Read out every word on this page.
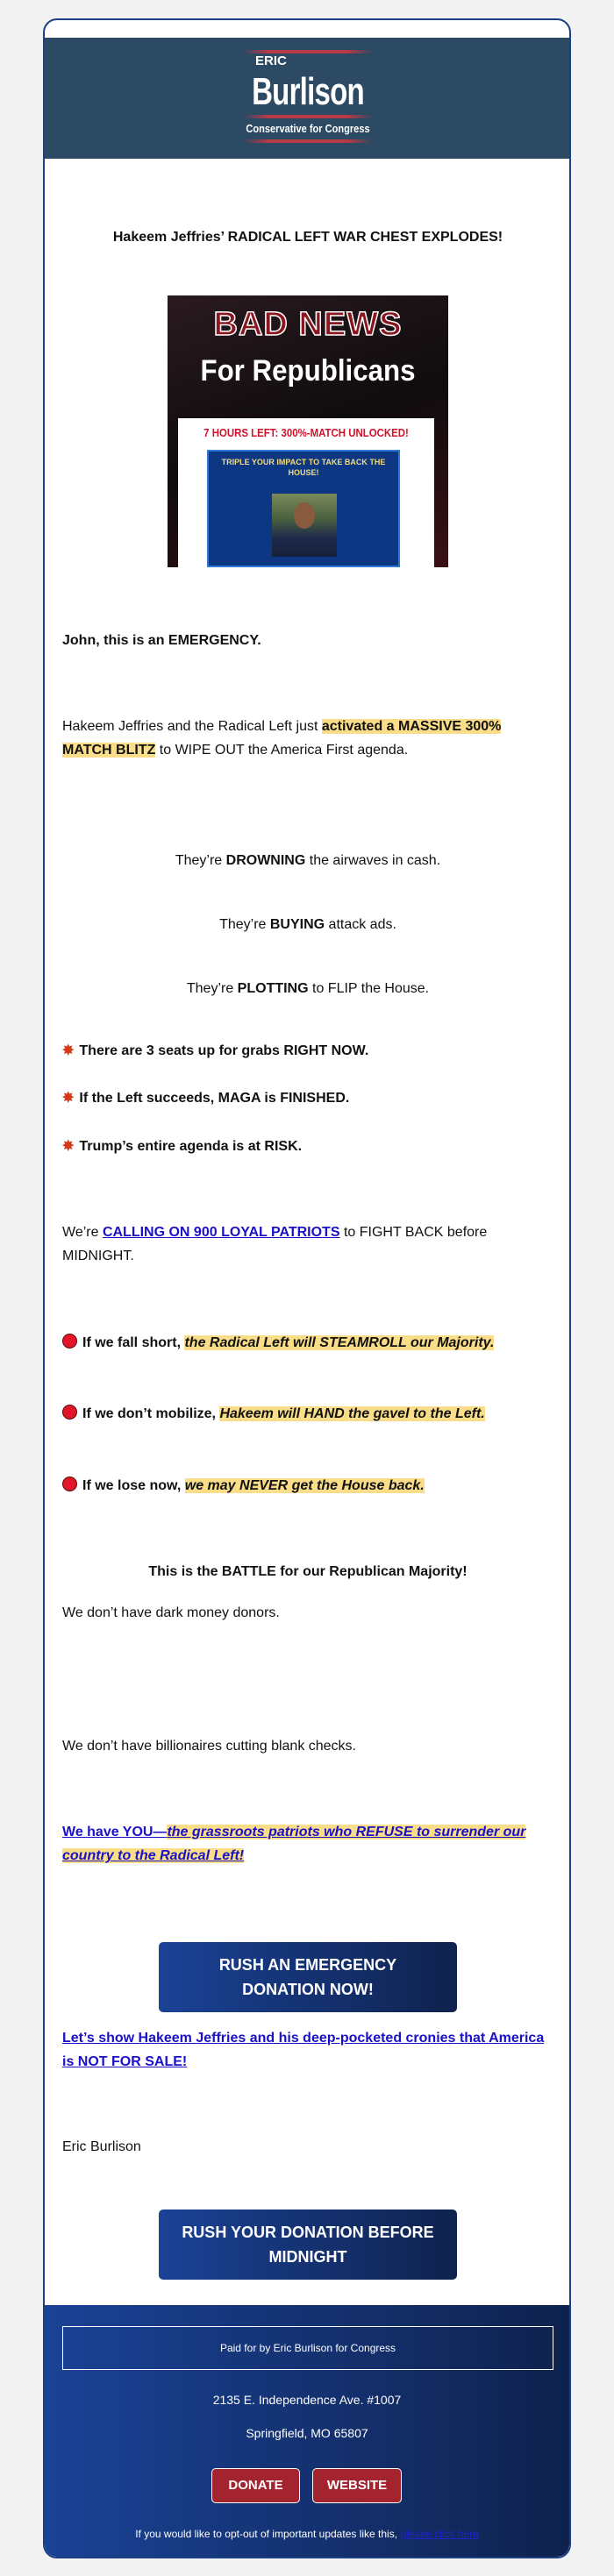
ERIC
Burlison
Conservative for Congress
Hakeem Jeffries’ RADICAL LEFT WAR CHEST EXPLODES!
BAD NEWS
For Republicans
7 HOURS LEFT: 300%-MATCH UNLOCKED!
TRIPLE YOUR IMPACT TO TAKE BACK THE HOUSE!
John, this is an EMERGENCY.
Hakeem Jeffries and the Radical Left just activated a MASSIVE 300% MATCH BLITZ to WIPE OUT the America First agenda.
They’re DROWNING the airwaves in cash.
They’re BUYING attack ads.
They’re PLOTTING to FLIP the House.
✸ There are 3 seats up for grabs RIGHT NOW.
✸ If the Left succeeds, MAGA is FINISHED.
✸ Trump’s entire agenda is at RISK.
We’re CALLING ON 900 LOYAL PATRIOTS to FIGHT BACK before MIDNIGHT.
If we fall short, the Radical Left will STEAMROLL our Majority.
If we don’t mobilize, Hakeem will HAND the gavel to the Left.
If we lose now, we may NEVER get the House back.
This is the BATTLE for our Republican Majority!
We don’t have dark money donors.
We don’t have billionaires cutting blank checks.
We have YOU—the grassroots patriots who REFUSE to surrender our country to the Radical Left!
RUSH AN EMERGENCY DONATION NOW!
Let’s show Hakeem Jeffries and his deep-pocketed cronies that America is NOT FOR SALE!
Eric Burlison
RUSH YOUR DONATION BEFORE MIDNIGHT
Paid for by Eric Burlison for Congress
2135 E. Independence Ave. #1007
Springfield, MO 65807
DONATE	WEBSITE
If you would like to opt-out of important updates like this, please click here
